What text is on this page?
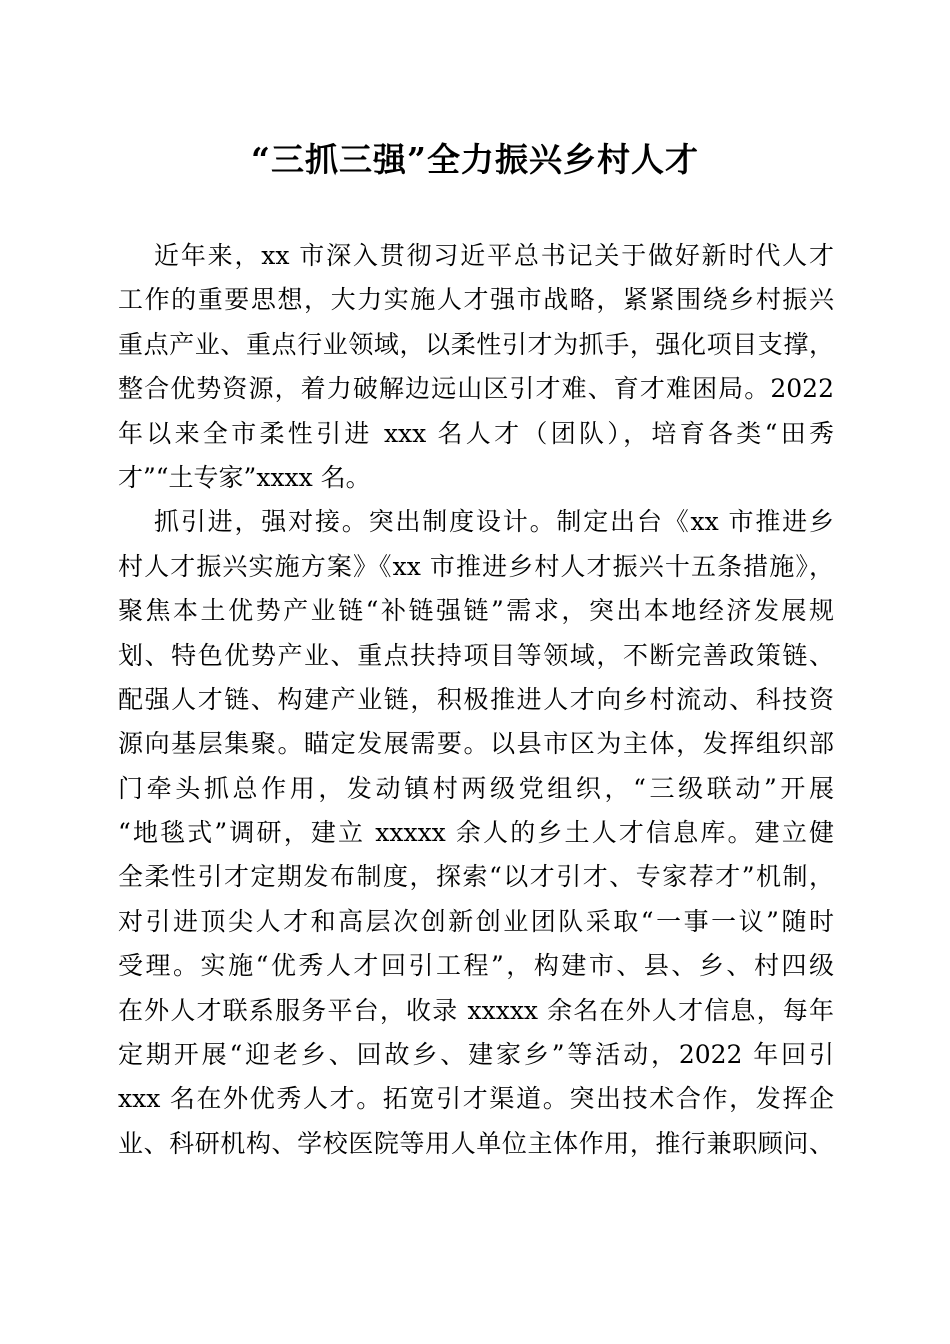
“三抓三强”全力振兴乡村人才
近年来，xx 市深入贯彻习近平总书记关于做好新时代人才
工作的重要思想，大力实施人才强市战略，紧紧围绕乡村振兴
重点产业、重点行业领域，以柔性引才为抓手，强化项目支撑，
整合优势资源，着力破解边远山区引才难、育才难困局。2022
年以来全市柔性引进 xxx 名人才（团队），培育各类“田秀
才”“土专家”xxxx 名。
抓引进，强对接。突出制度设计。制定出台《xx 市推进乡
村人才振兴实施方案》《xx 市推进乡村人才振兴十五条措施》，
聚焦本土优势产业链“补链强链”需求，突出本地经济发展规
划、特色优势产业、重点扶持项目等领域，不断完善政策链、
配强人才链、构建产业链，积极推进人才向乡村流动、科技资
源向基层集聚。瞄定发展需要。以县市区为主体，发挥组织部
门牵头抓总作用，发动镇村两级党组织，“三级联动”开展
“地毯式”调研，建立 xxxxx 余人的乡土人才信息库。建立健
全柔性引才定期发布制度，探索“以才引才、专家荐才”机制，
对引进顶尖人才和高层次创新创业团队采取“一事一议”随时
受理。实施“优秀人才回引工程”，构建市、县、乡、村四级
在外人才联系服务平台，收录 xxxxx 余名在外人才信息，每年
定期开展“迎老乡、回故乡、建家乡”等活动，2022 年回引
xxx 名在外优秀人才。拓宽引才渠道。突出技术合作，发挥企
业、科研机构、学校医院等用人单位主体作用，推行兼职顾问、
